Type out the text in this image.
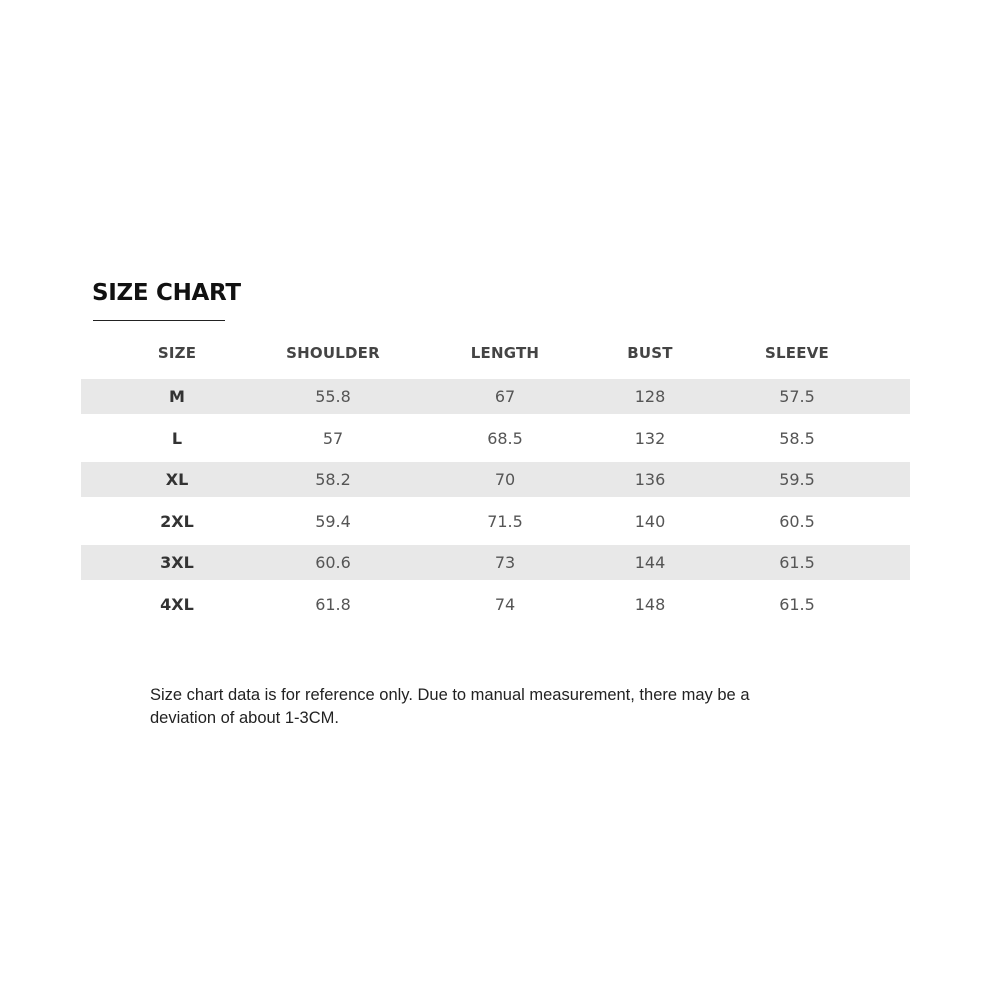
SIZE CHART
SIZE	SHOULDER	LENGTH	BUST	SLEEVE
M	55.8	67	128	57.5
L	57	68.5	132	58.5
XL	58.2	70	136	59.5
2XL	59.4	71.5	140	60.5
3XL	60.6	73	144	61.5
4XL	61.8	74	148	61.5
Size chart data is for reference only. Due to manual measurement, there may be a deviation of about 1-3CM.
